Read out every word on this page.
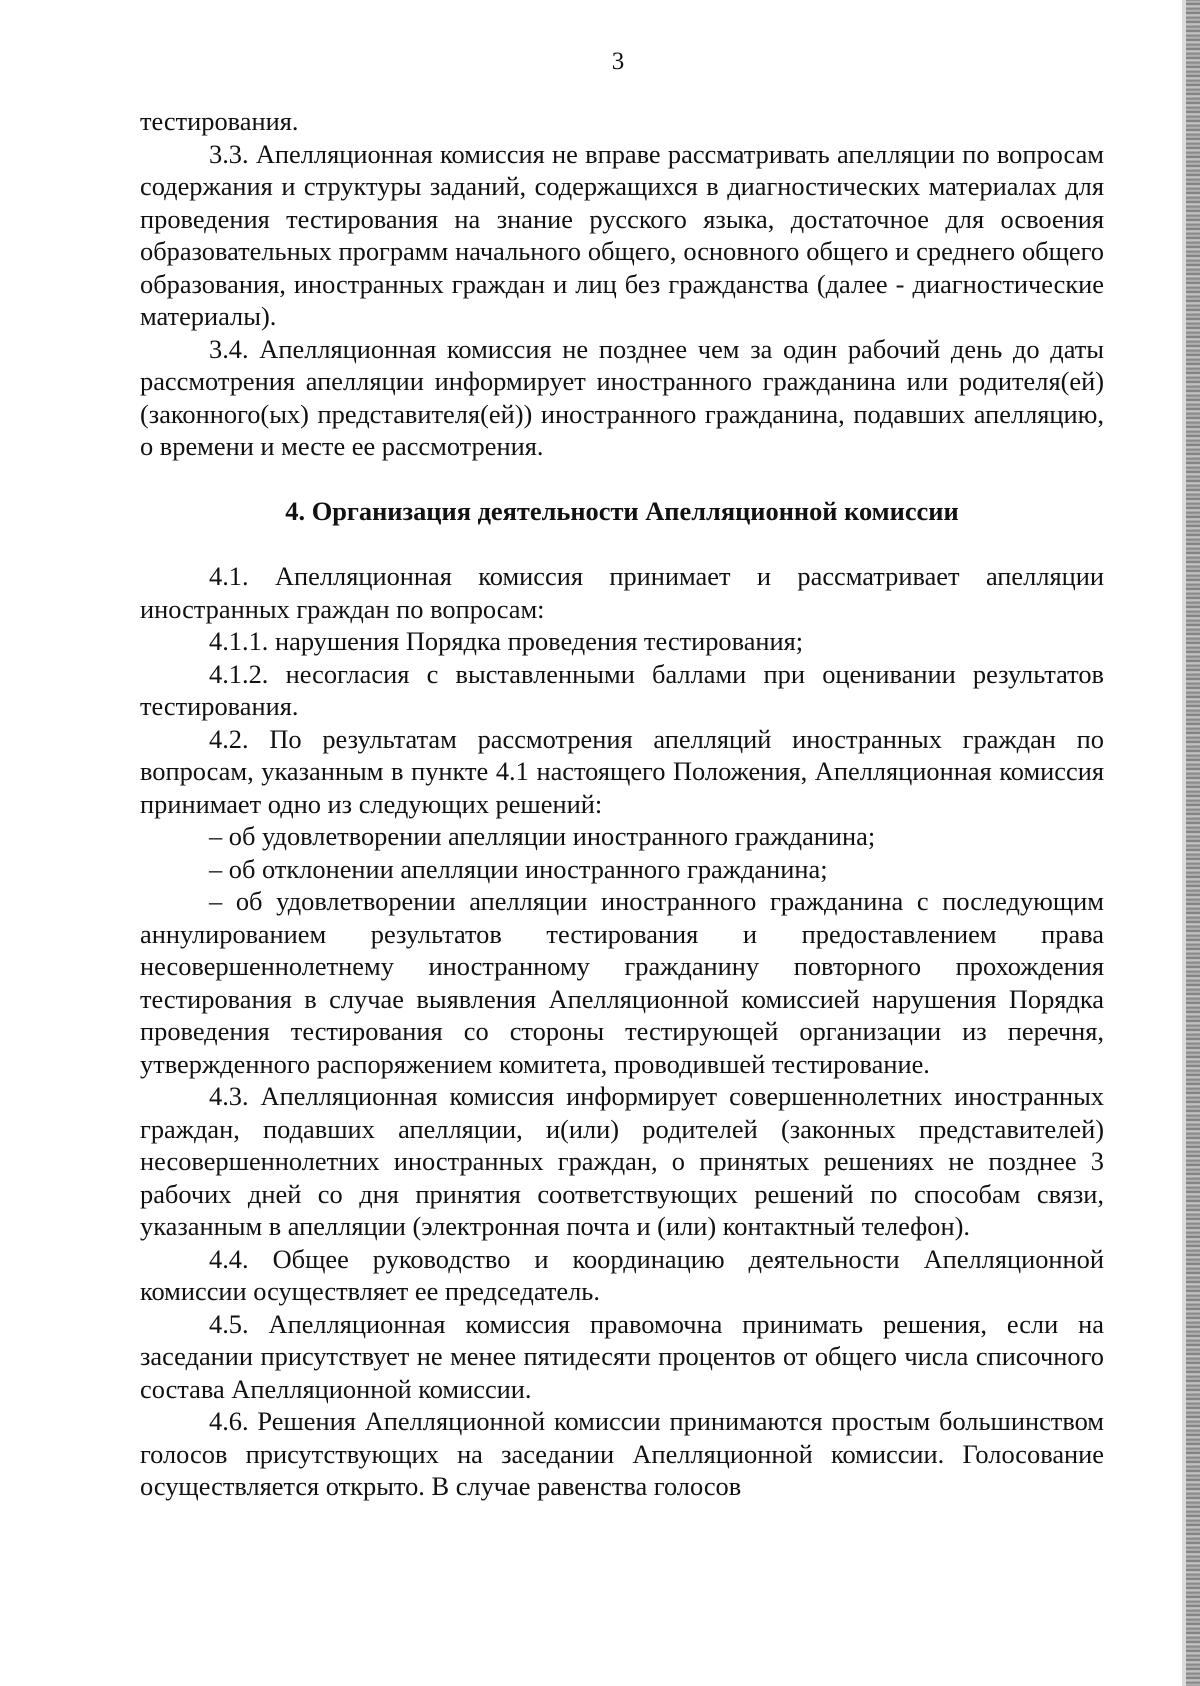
3

тестирования.

3.3. Апелляционная комиссия не вправе рассматривать апелляции по вопросам содержания и структуры заданий, содержащихся в диагностических материалах для проведения тестирования на знание русского языка, достаточное для освоения образовательных программ начального общего, основного общего и среднего общего образования, иностранных граждан и лиц без гражданства (далее - диагностические материалы).

3.4. Апелляционная комиссия не позднее чем за один рабочий день до даты рассмотрения апелляции информирует иностранного гражданина или родителя(ей) (законного(ых) представителя(ей)) иностранного гражданина, подавших апелляцию, о времени и месте ее рассмотрения.

4. Организация деятельности Апелляционной комиссии

4.1. Апелляционная комиссия принимает и рассматривает апелляции иностранных граждан по вопросам:

4.1.1. нарушения Порядка проведения тестирования;

4.1.2. несогласия с выставленными баллами при оценивании результатов тестирования.

4.2. По результатам рассмотрения апелляций иностранных граждан по вопросам, указанным в пункте 4.1 настоящего Положения, Апелляционная комиссия принимает одно из следующих решений:

– об удовлетворении апелляции иностранного гражданина;

– об отклонении апелляции иностранного гражданина;

– об удовлетворении апелляции иностранного гражданина с последующим аннулированием результатов тестирования и предоставлением права несовершеннолетнему иностранному гражданину повторного прохождения тестирования в случае выявления Апелляционной комиссией нарушения Порядка проведения тестирования со стороны тестирующей организации из перечня, утвержденного распоряжением комитета, проводившей тестирование.

4.3. Апелляционная комиссия информирует совершеннолетних иностранных граждан, подавших апелляции, и(или) родителей (законных представителей) несовершеннолетних иностранных граждан, о принятых решениях не позднее 3 рабочих дней со дня принятия соответствующих решений по способам связи, указанным в апелляции (электронная почта и (или) контактный телефон).

4.4. Общее руководство и координацию деятельности Апелляционной комиссии осуществляет ее председатель.

4.5. Апелляционная комиссия правомочна принимать решения, если на заседании присутствует не менее пятидесяти процентов от общего числа списочного состава Апелляционной комиссии.

4.6. Решения Апелляционной комиссии принимаются простым большинством голосов присутствующих на заседании Апелляционной комиссии. Голосование осуществляется открыто. В случае равенства голосов
